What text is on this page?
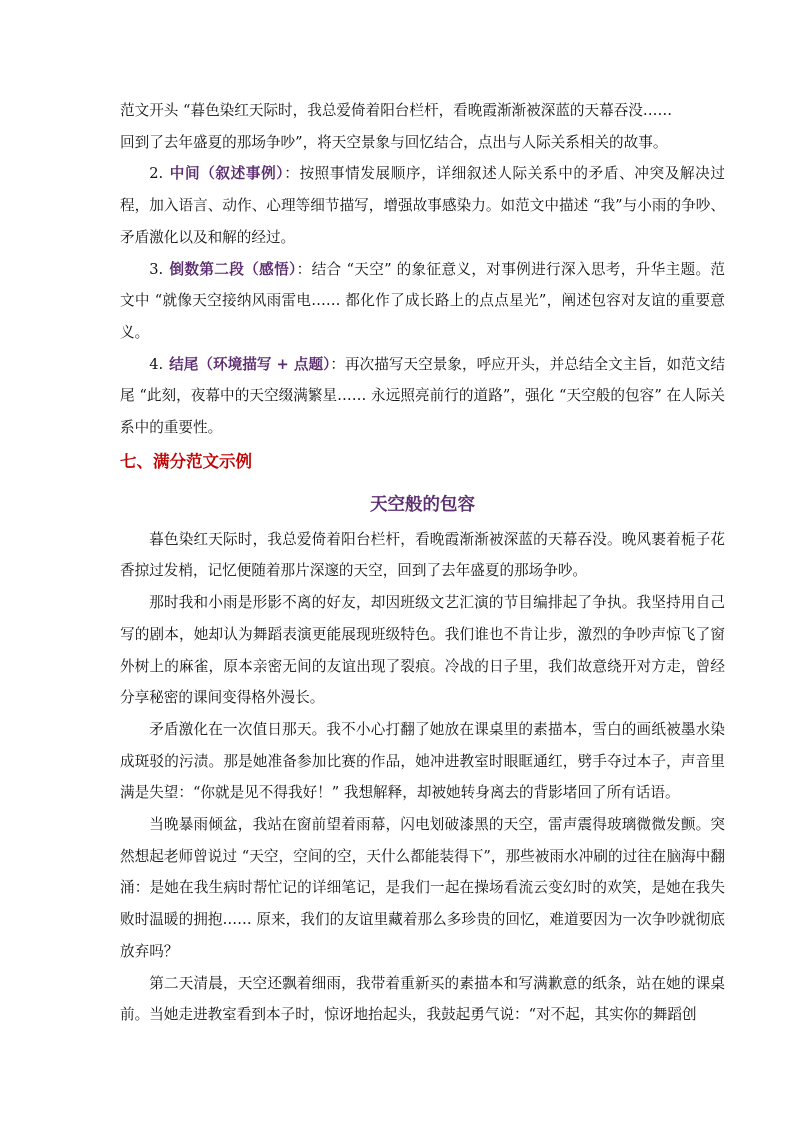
范文开头 “暮色染红天际时，我总爱倚着阳台栏杆，看晚霞渐渐被深蓝的天幕吞没……

回到了去年盛夏的那场争吵”，将天空景象与回忆结合，点出与人际关系相关的故事。

2. 中间（叙述事例）：按照事情发展顺序，详细叙述人际关系中的矛盾、冲突及解决过程，加入语言、动作、心理等细节描写，增强故事感染力。如范文中描述 “我”与小雨的争吵、矛盾激化以及和解的经过。

3. 倒数第二段（感悟）：结合 “天空” 的象征意义，对事例进行深入思考，升华主题。范文中 “就像天空接纳风雨雷电…… 都化作了成长路上的点点星光”，阐述包容对友谊的重要意义。

4. 结尾（环境描写 + 点题）：再次描写天空景象，呼应开头，并总结全文主旨，如范文结尾 “此刻，夜幕中的天空缀满繁星…… 永远照亮前行的道路”，强化 “天空般的包容” 在人际关系中的重要性。

七、满分范文示例

天空般的包容

暮色染红天际时，我总爱倚着阳台栏杆，看晚霞渐渐被深蓝的天幕吞没。晚风裹着栀子花香掠过发梢，记忆便随着那片深邃的天空，回到了去年盛夏的那场争吵。

那时我和小雨是形影不离的好友，却因班级文艺汇演的节目编排起了争执。我坚持用自己写的剧本，她却认为舞蹈表演更能展现班级特色。我们谁也不肯让步，激烈的争吵声惊飞了窗外树上的麻雀，原本亲密无间的友谊出现了裂痕。冷战的日子里，我们故意绕开对方走，曾经分享秘密的课间变得格外漫长。

矛盾激化在一次值日那天。我不小心打翻了她放在课桌里的素描本，雪白的画纸被墨水染成斑驳的污渍。那是她准备参加比赛的作品，她冲进教室时眼眶通红，劈手夺过本子，声音里满是失望：“你就是见不得我好！” 我想解释，却被她转身离去的背影堵回了所有话语。

当晚暴雨倾盆，我站在窗前望着雨幕，闪电划破漆黑的天空，雷声震得玻璃微微发颤。突然想起老师曾说过 “天空，空间的空，天什么都能装得下”，那些被雨水冲刷的过往在脑海中翻涌：是她在我生病时帮忙记的详细笔记，是我们一起在操场看流云变幻时的欢笑，是她在我失败时温暖的拥抱…… 原来，我们的友谊里藏着那么多珍贵的回忆，难道要因为一次争吵就彻底放弃吗？

第二天清晨，天空还飘着细雨，我带着重新买的素描本和写满歉意的纸条，站在她的课桌前。当她走进教室看到本子时，惊讶地抬起头，我鼓起勇气说：“对不起，其实你的舞蹈创
